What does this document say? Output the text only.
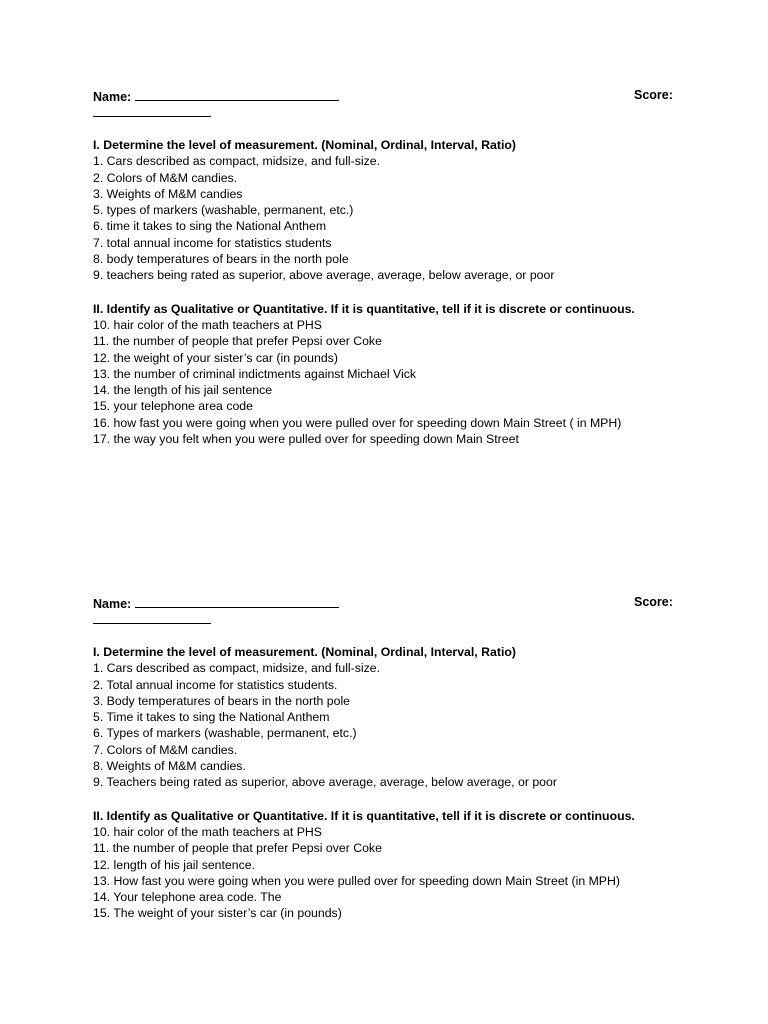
Name:	Score:
I. Determine the level of measurement. (Nominal, Ordinal, Interval, Ratio)
1. Cars described as compact, midsize, and full-size.
2. Colors of M&M candies.
3. Weights of M&M candies
5. types of markers (washable, permanent, etc.)
6. time it takes to sing the National Anthem
7. total annual income for statistics students
8. body temperatures of bears in the north pole
9. teachers being rated as superior, above average, average, below average, or poor
II. Identify as Qualitative or Quantitative. If it is quantitative, tell if it is discrete or continuous.
10. hair color of the math teachers at PHS
11. the number of people that prefer Pepsi over Coke
12. the weight of your sister’s car (in pounds)
13. the number of criminal indictments against Michael Vick
14. the length of his jail sentence
15. your telephone area code
16. how fast you were going when you were pulled over for speeding down Main Street ( in MPH)
17. the way you felt when you were pulled over for speeding down Main Street
Name:	Score:
I. Determine the level of measurement. (Nominal, Ordinal, Interval, Ratio)
1. Cars described as compact, midsize, and full-size.
2. Total annual income for statistics students.
3. Body temperatures of bears in the north pole
5. Time it takes to sing the National Anthem
6. Types of markers (washable, permanent, etc.)
7. Colors of M&M candies.
8. Weights of M&M candies.
9. Teachers being rated as superior, above average, average, below average, or poor
II. Identify as Qualitative or Quantitative. If it is quantitative, tell if it is discrete or continuous.
10. hair color of the math teachers at PHS
11. the number of people that prefer Pepsi over Coke
12. length of his jail sentence.
13. How fast you were going when you were pulled over for speeding down Main Street (in MPH)
14. Your telephone area code. The
15. The weight of your sister’s car (in pounds)
